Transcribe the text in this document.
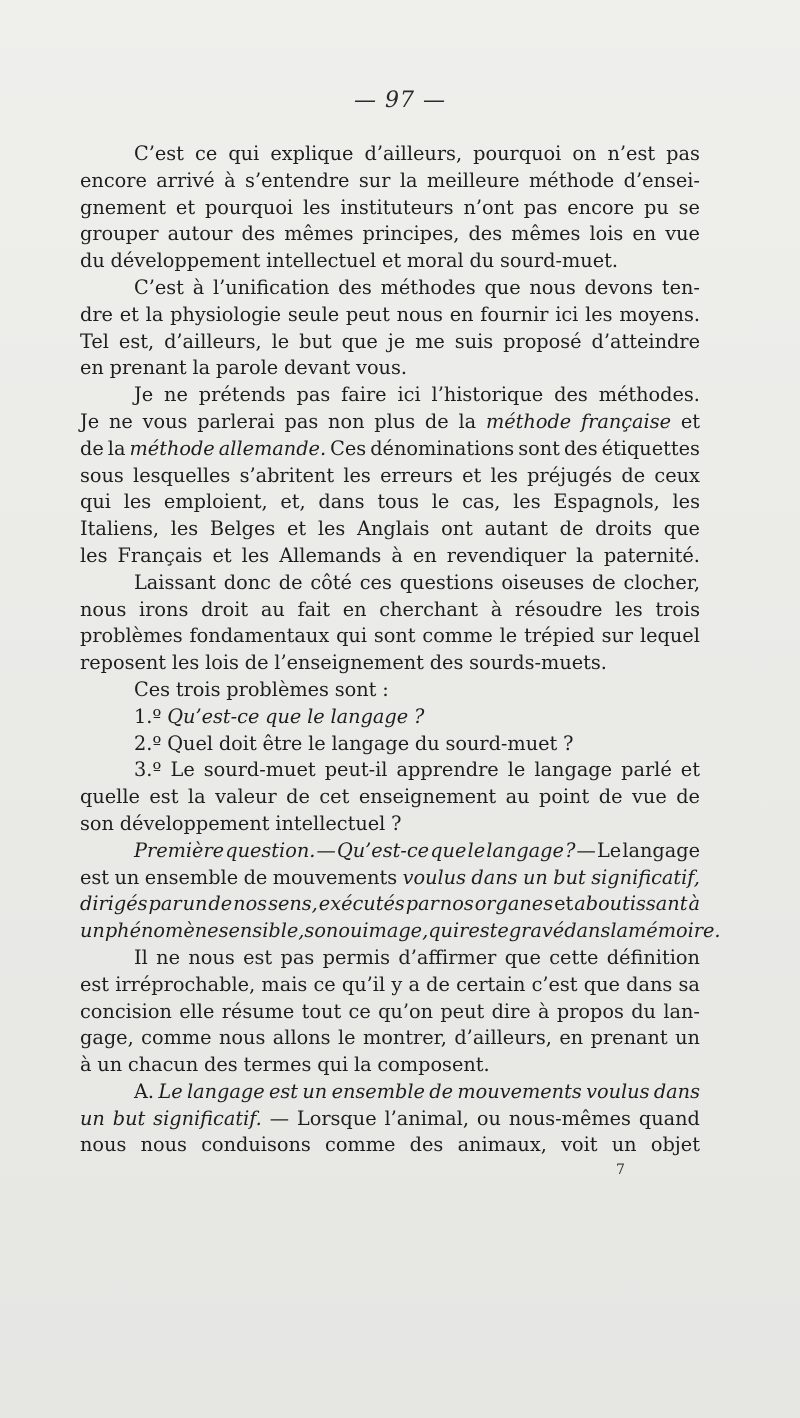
— 97 —
C’est ce qui explique d’ailleurs, pourquoi on n’est pas
encore arrivé à s’entendre sur la meilleure méthode d’ensei-
gnement et pourquoi les instituteurs n’ont pas encore pu se
grouper autour des mêmes principes, des mêmes lois en vue
du développement intellectuel et moral du sourd-muet.
C’est à l’unification des méthodes que nous devons ten-
dre et la physiologie seule peut nous en fournir ici les moyens.
Tel est, d’ailleurs, le but que je me suis proposé d’atteindre
en prenant la parole devant vous.
Je ne prétends pas faire ici l’historique des méthodes.
Je ne vous parlerai pas non plus de la méthode française et
de la méthode allemande. Ces dénominations sont des étiquettes
sous lesquelles s’abritent les erreurs et les préjugés de ceux
qui les emploient, et, dans tous le cas, les Espagnols, les
Italiens, les Belges et les Anglais ont autant de droits que
les Français et les Allemands à en revendiquer la paternité.
Laissant donc de côté ces questions oiseuses de clocher,
nous irons droit au fait en cherchant à résoudre les trois
problèmes fondamentaux qui sont comme le trépied sur lequel
reposent les lois de l’enseignement des sourds-muets.
Ces trois problèmes sont :
1.º Qu’est-ce que le langage ?
2.º Quel doit être le langage du sourd-muet ?
3.º Le sourd-muet peut-il apprendre le langage parlé et
quelle est la valeur de cet enseignement au point de vue de
son développement intellectuel ?
Première question. — Qu’est-ce que le langage ? — Le langage
est un ensemble de mouvements voulus dans un but significatif,
dirigés par un de nos sens, exécutés par nos organes et aboutissant à
un phénomène sensible, son ou image, qui reste gravé dans la mémoire.
Il ne nous est pas permis d’affirmer que cette définition
est irréprochable, mais ce qu’il y a de certain c’est que dans sa
concision elle résume tout ce qu’on peut dire à propos du lan-
gage, comme nous allons le montrer, d’ailleurs, en prenant un
à un chacun des termes qui la composent.
A. Le langage est un ensemble de mouvements voulus dans
un but significatif. — Lorsque l’animal, ou nous-mêmes quand
nous nous conduisons comme des animaux, voit un objet
7
